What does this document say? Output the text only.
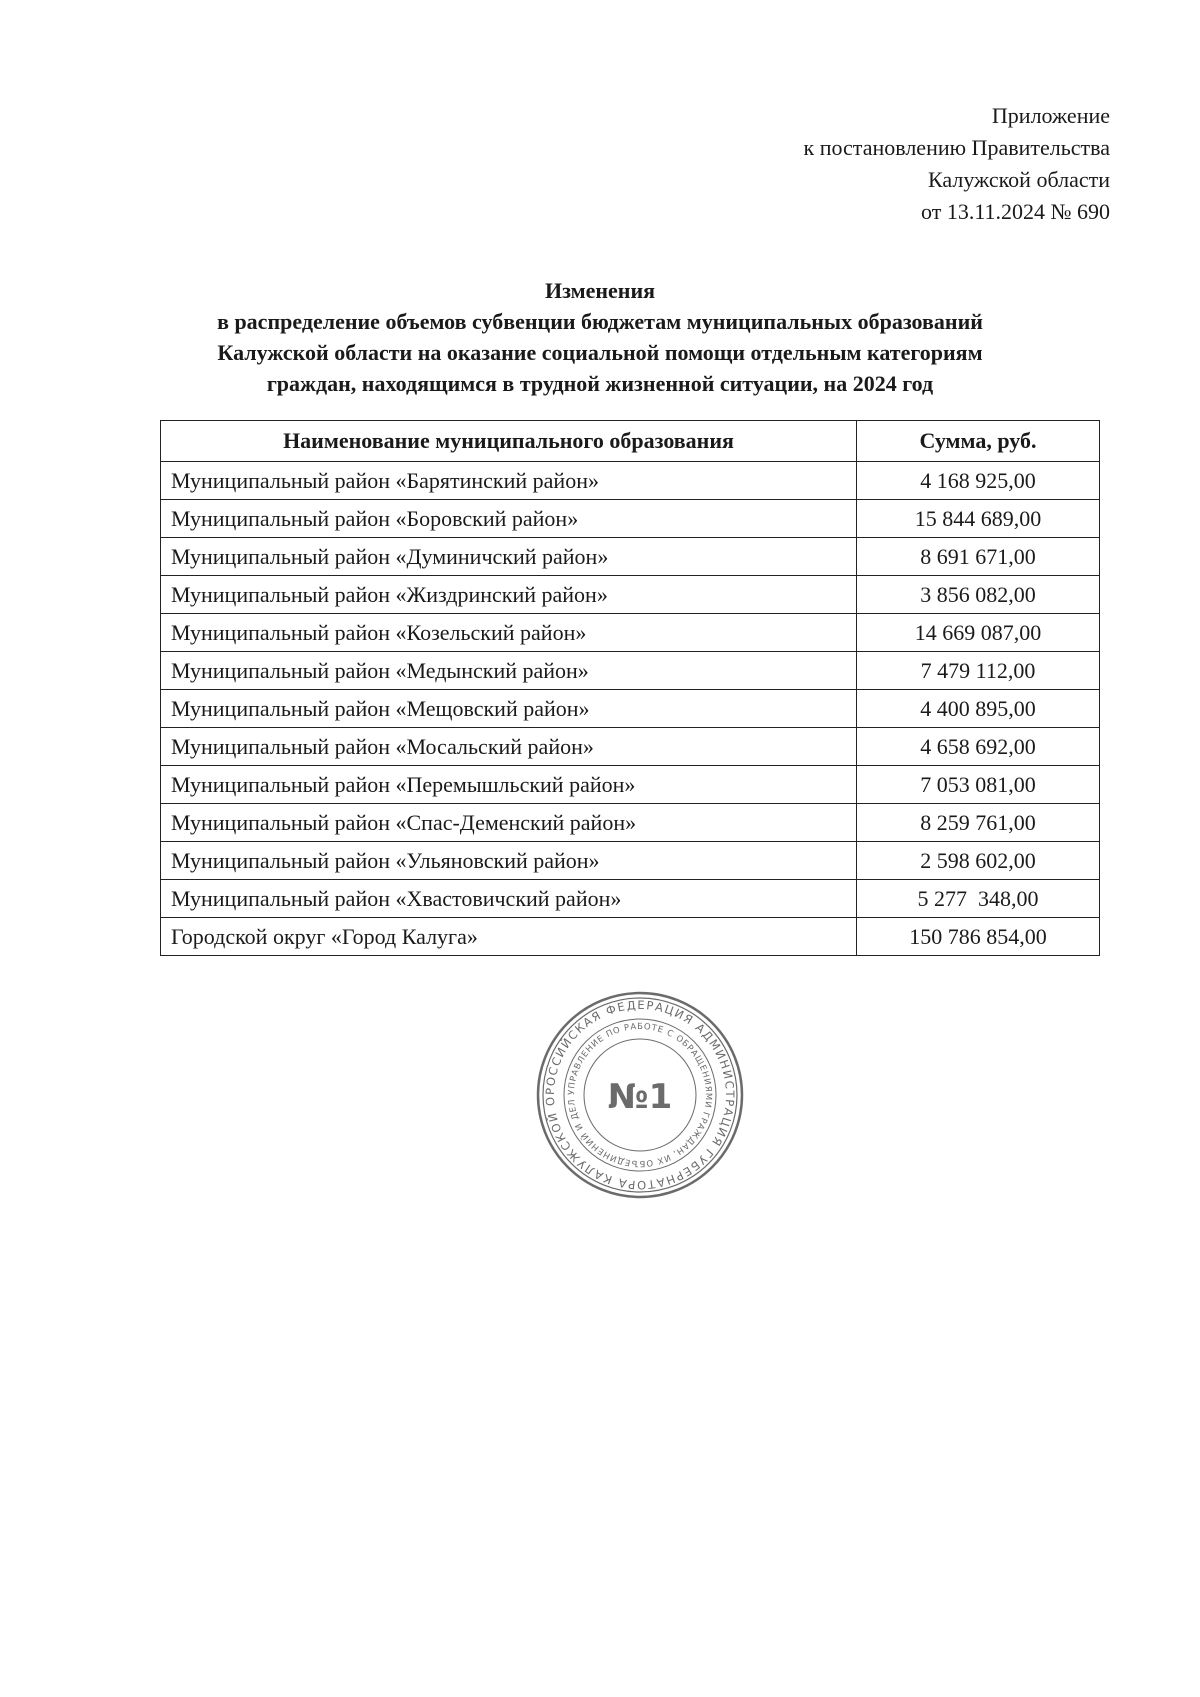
Приложение
к постановлению Правительства
Калужской области
от 13.11.2024 № 690
Изменения
в распределение объемов субвенции бюджетам муниципальных образований
Калужской области на оказание социальной помощи отдельным категориям
граждан, находящимся в трудной жизненной ситуации, на 2024 год
Наименование муниципального образования	Сумма, руб.
Муниципальный район «Барятинский район»	4 168 925,00
Муниципальный район «Боровский район»	15 844 689,00
Муниципальный район «Думиничский район»	8 691 671,00
Муниципальный район «Жиздринский район»	3 856 082,00
Муниципальный район «Козельский район»	14 669 087,00
Муниципальный район «Медынский район»	7 479 112,00
Муниципальный район «Мещовский район»	4 400 895,00
Муниципальный район «Мосальский район»	4 658 692,00
Муниципальный район «Перемышльский район»	7 053 081,00
Муниципальный район «Спас-Деменский район»	8 259 761,00
Муниципальный район «Ульяновский район»	2 598 602,00
Муниципальный район «Хвастовичский район»	5 277  348,00
Городской округ «Город Калуга»	150 786 854,00
РОССИЙСКАЯ ФЕДЕРАЦИЯ АДМИНИСТРАЦИЯ ГУБЕРНАТОРА КАЛУЖСКОЙ О
УПРАВЛЕНИЕ ПО РАБОТЕ С ОБРАЩЕНИЯМИ ГРАЖДАН, ИХ ОБЪЕДИНЕНИЙ И ДЕЛ №1
